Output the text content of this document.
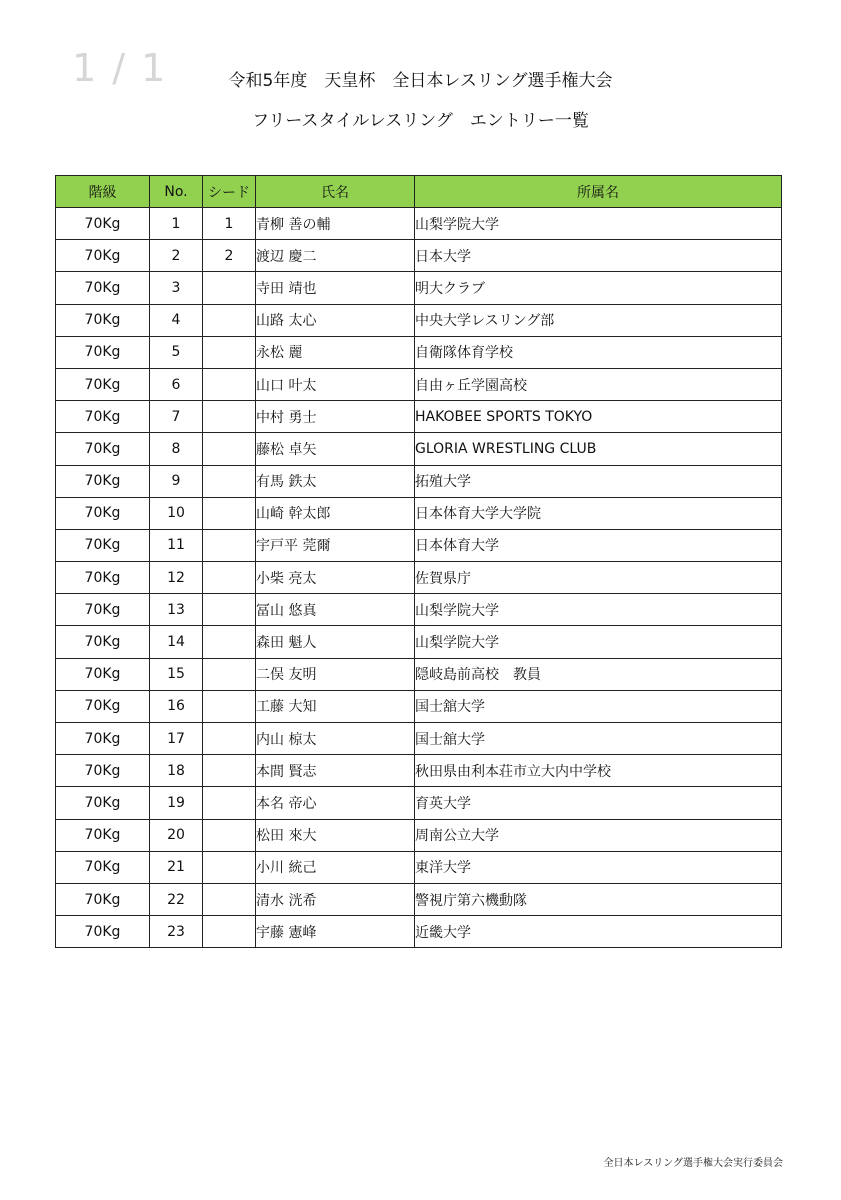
1 / 1	令和5年度　天皇杯　全日本レスリング選手権大会
フリースタイルレスリング　エントリー一覧
階級	No.	シード	氏名	所属名
70Kg	1	1	青柳 善の輔	山梨学院大学
70Kg	2	2	渡辺 慶二	日本大学
70Kg	3		寺田 靖也	明大クラブ
70Kg	4		山路 太心	中央大学レスリング部
70Kg	5		永松 麗	自衛隊体育学校
70Kg	6		山口 叶太	自由ヶ丘学園高校
70Kg	7		中村 勇士	HAKOBEE SPORTS TOKYO
70Kg	8		藤松 卓矢	GLORIA WRESTLING CLUB
70Kg	9		有馬 鉄太	拓殖大学
70Kg	10		山崎 幹太郎	日本体育大学大学院
70Kg	11		宇戸平 莞爾	日本体育大学
70Kg	12		小柴 亮太	佐賀県庁
70Kg	13		冨山 悠真	山梨学院大学
70Kg	14		森田 魁人	山梨学院大学
70Kg	15		二俣 友明	隠岐島前高校　教員
70Kg	16		工藤 大知	国士舘大学
70Kg	17		内山 椋太	国士舘大学
70Kg	18		本間 賢志	秋田県由利本荘市立大内中学校
70Kg	19		本名 帝心	育英大学
70Kg	20		松田 來大	周南公立大学
70Kg	21		小川 統己	東洋大学
70Kg	22		清水 洸希	警視庁第六機動隊
70Kg	23		宇藤 憲峰	近畿大学
全日本レスリング選手権大会実行委員会
